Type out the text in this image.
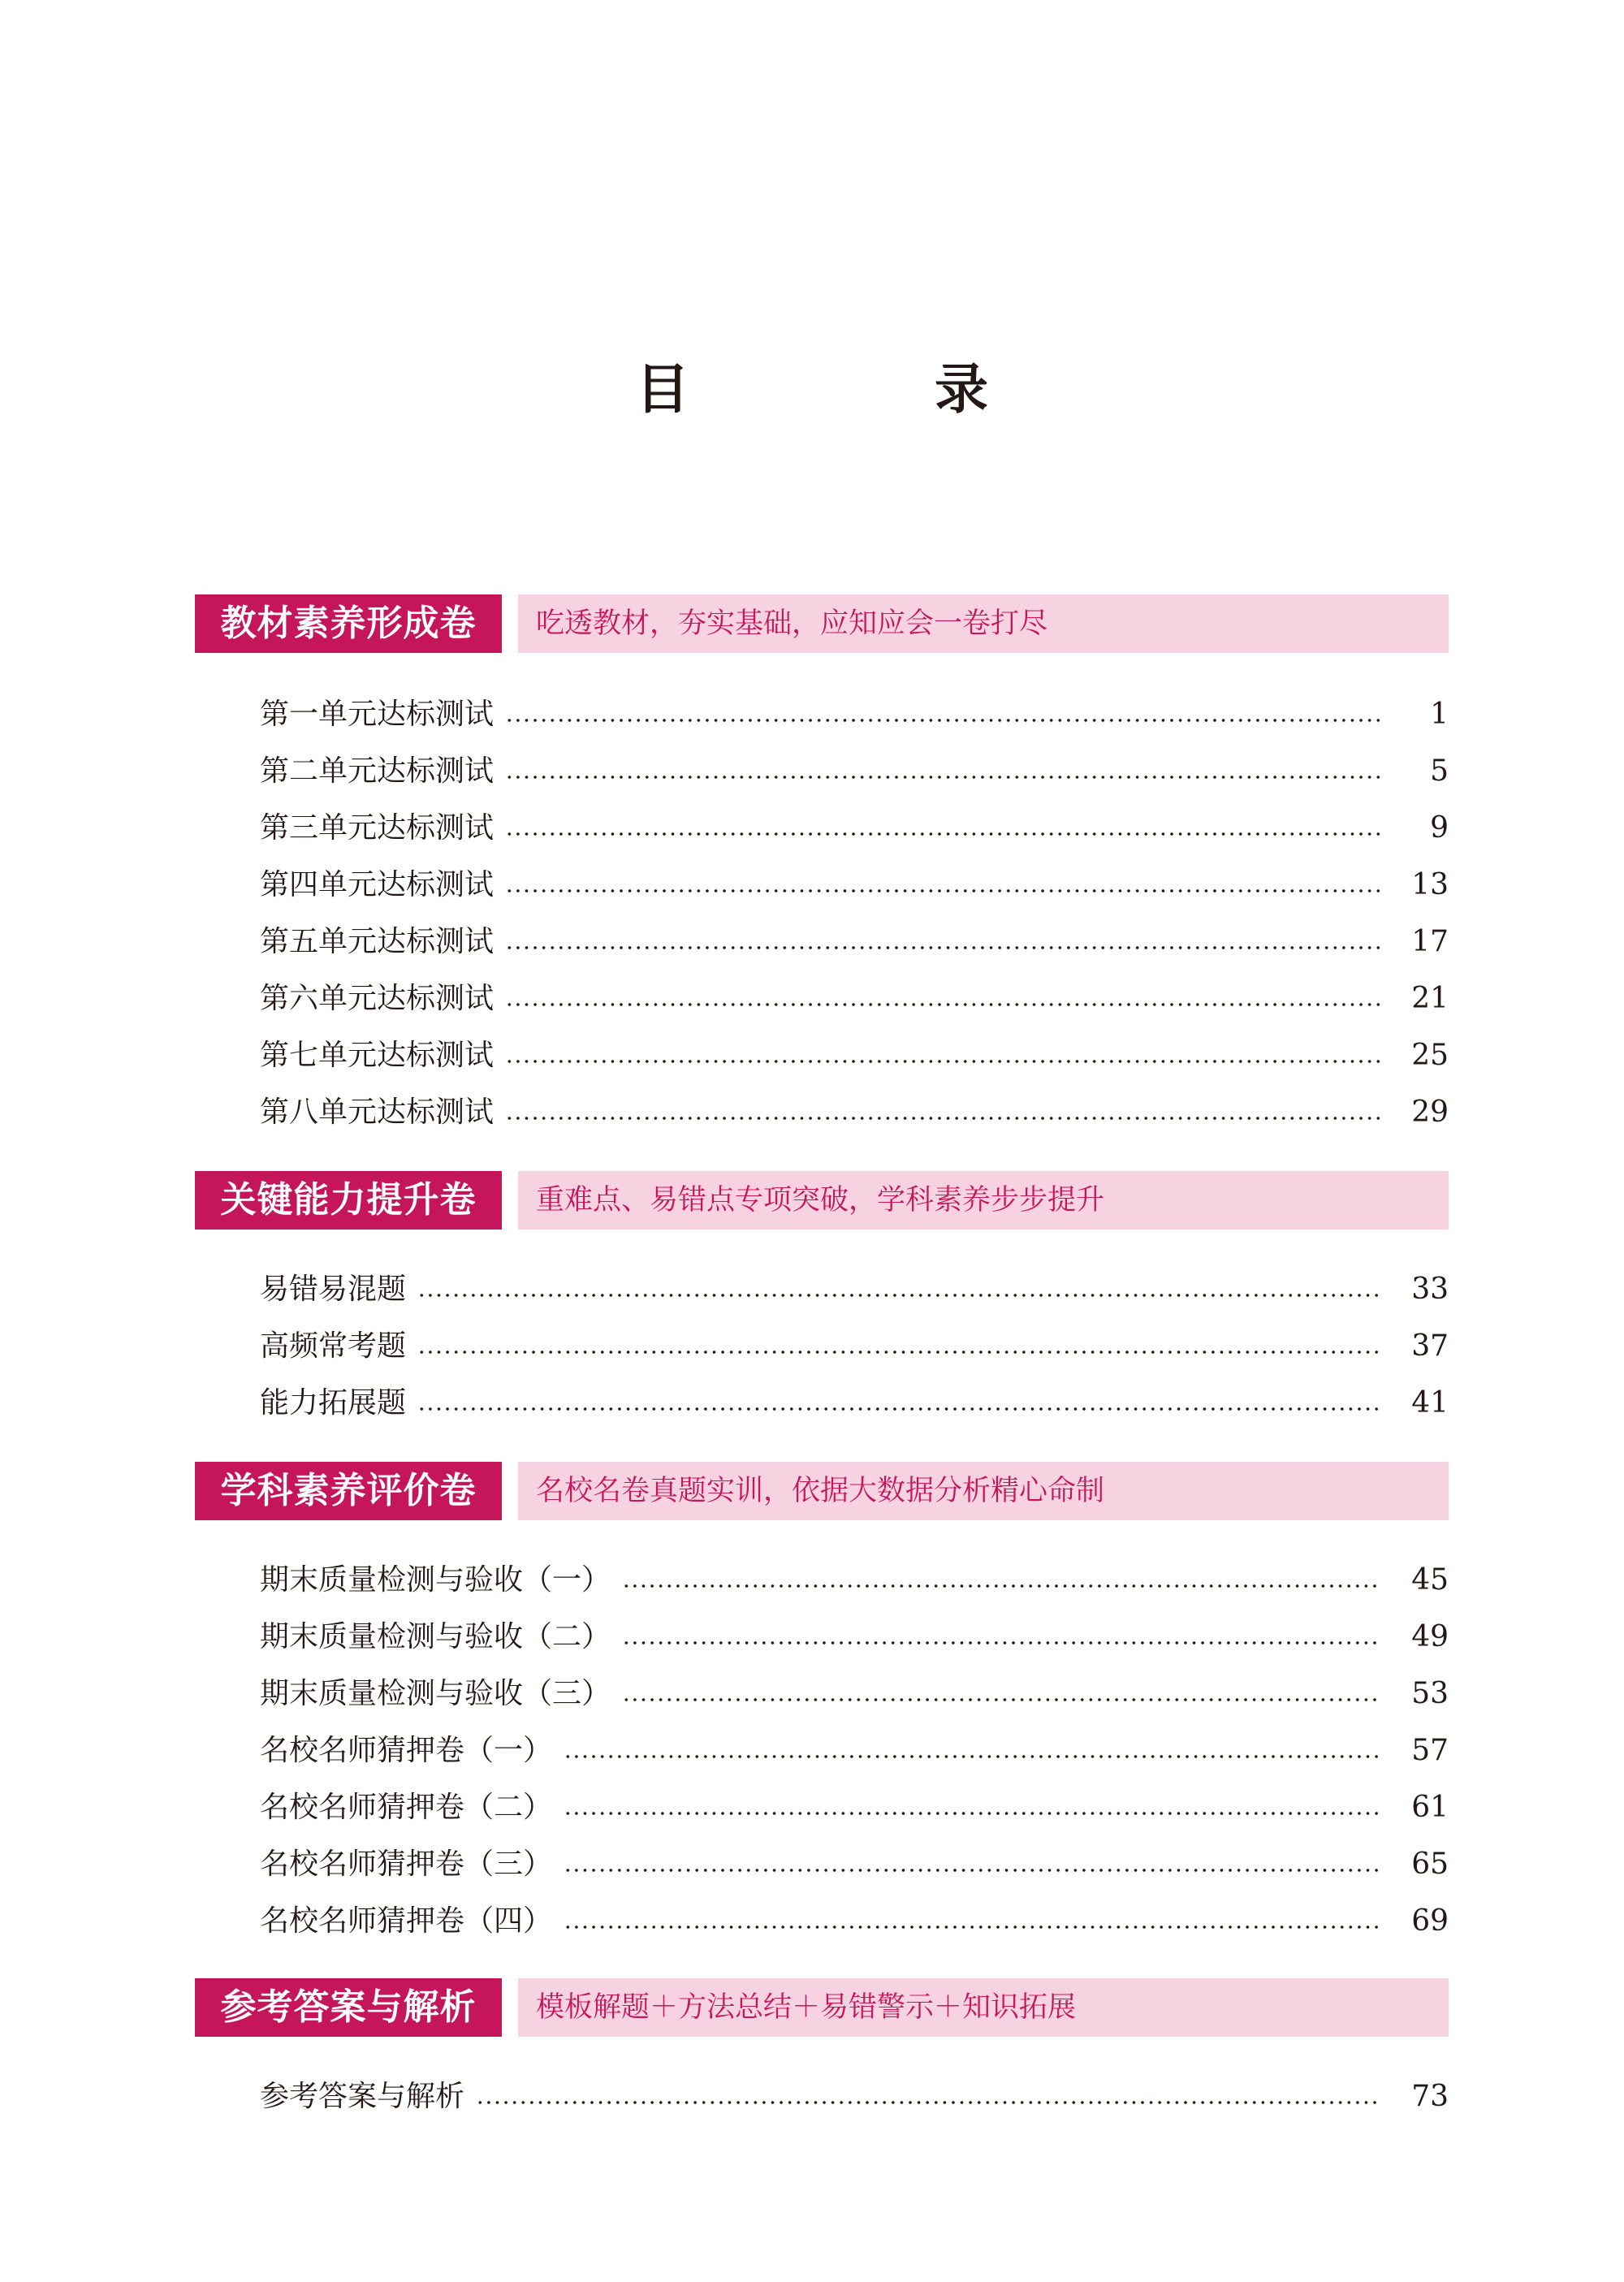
目　录
教材素养形成卷	吃透教材，夯实基础，应知应会一卷打尽
第一单元达标测试	1
第二单元达标测试	5
第三单元达标测试	9
第四单元达标测试	13
第五单元达标测试	17
第六单元达标测试	21
第七单元达标测试	25
第八单元达标测试	29
关键能力提升卷	重难点、易错点专项突破，学科素养步步提升
易错易混题	33
高频常考题	37
能力拓展题	41
学科素养评价卷	名校名卷真题实训，依据大数据分析精心命制
期末质量检测与验收（一）	45
期末质量检测与验收（二）	49
期末质量检测与验收（三）	53
名校名师猜押卷（一）	57
名校名师猜押卷（二）	61
名校名师猜押卷（三）	65
名校名师猜押卷（四）	69
参考答案与解析	模板解题＋方法总结＋易错警示＋知识拓展
参考答案与解析	73
